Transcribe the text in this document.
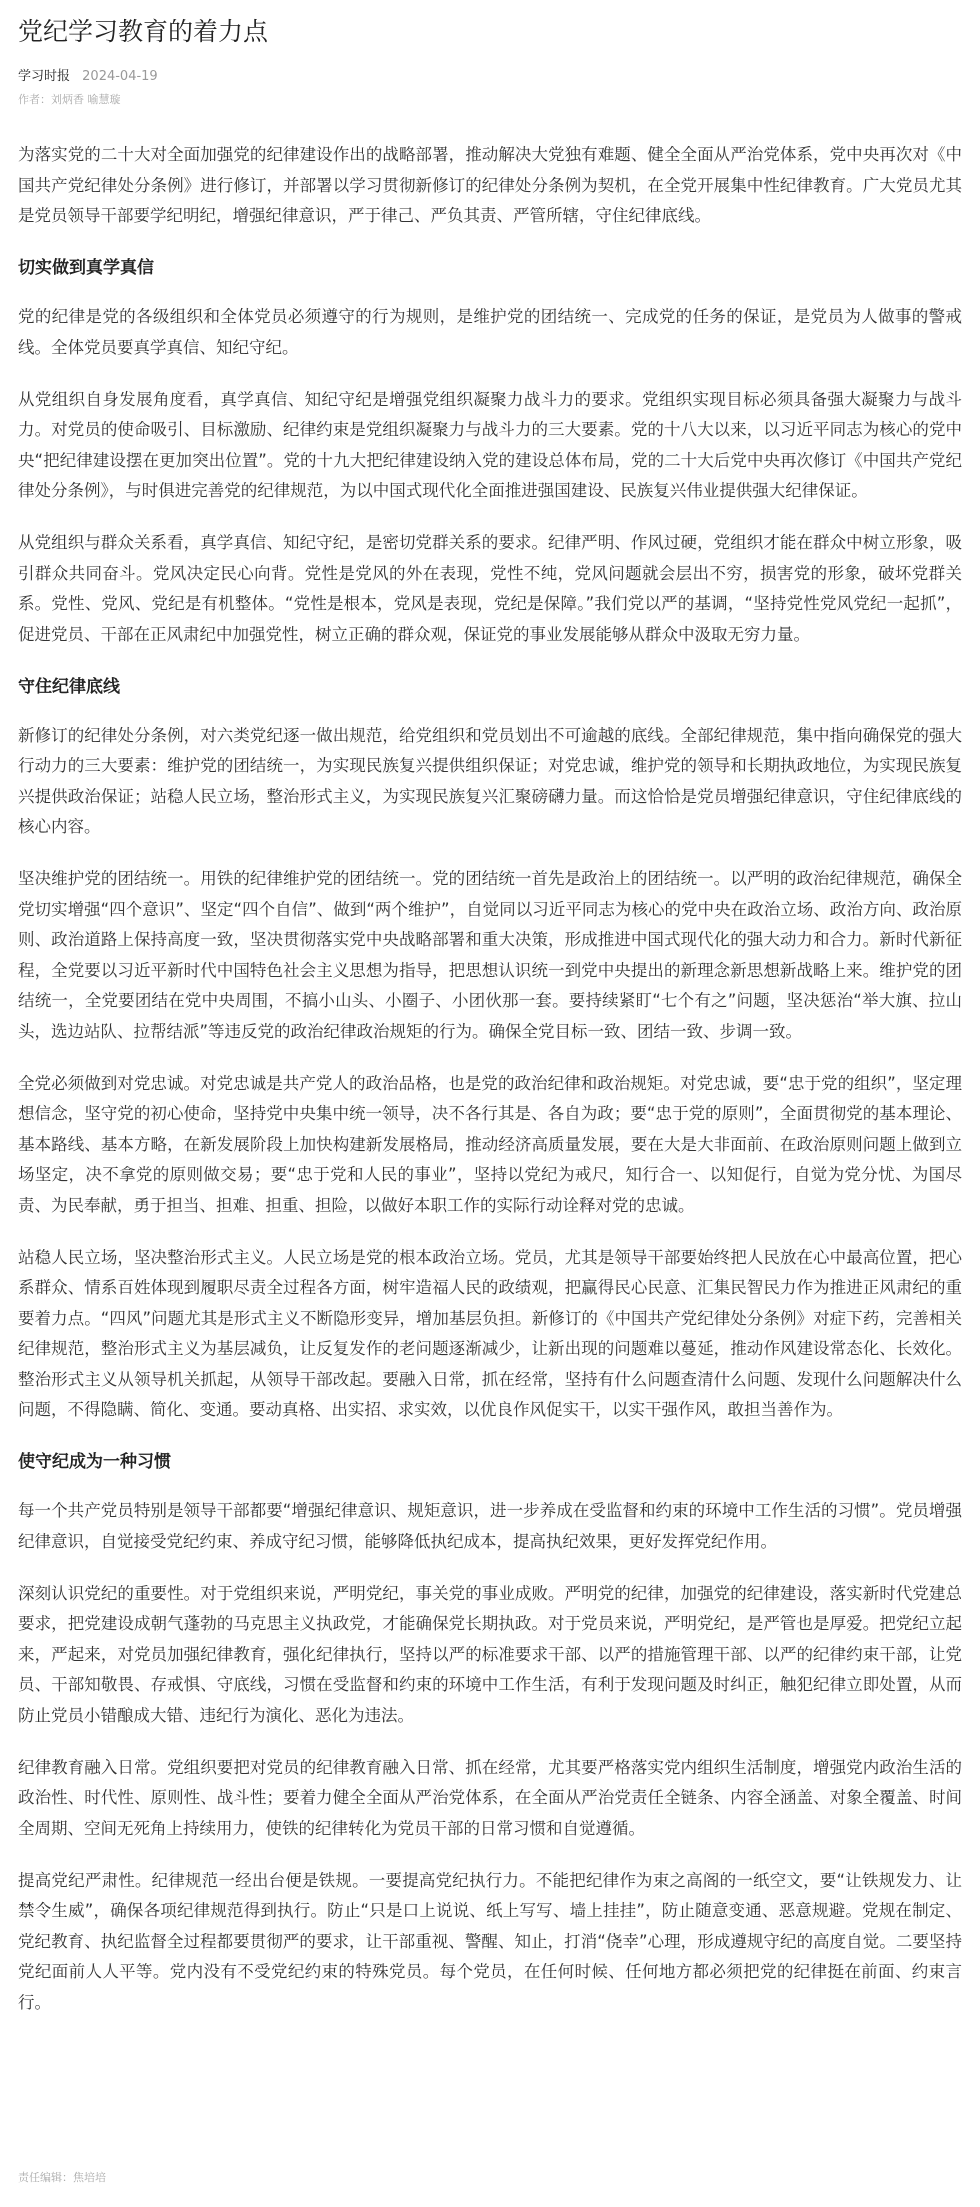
党纪学习教育的着力点
学习时报 2024-04-19
作者：刘炳香 喻慧璇

为落实党的二十大对全面加强党的纪律建设作出的战略部署，推动解决大党独有难题、健全全面从严治党体系，党中央再次对《中国共产党纪律处分条例》进行修订，并部署以学习贯彻新修订的纪律处分条例为契机，在全党开展集中性纪律教育。广大党员尤其是党员领导干部要学纪明纪，增强纪律意识，严于律己、严负其责、严管所辖，守住纪律底线。

切实做到真学真信

党的纪律是党的各级组织和全体党员必须遵守的行为规则，是维护党的团结统一、完成党的任务的保证，是党员为人做事的警戒线。全体党员要真学真信、知纪守纪。

从党组织自身发展角度看，真学真信、知纪守纪是增强党组织凝聚力战斗力的要求。党组织实现目标必须具备强大凝聚力与战斗力。对党员的使命吸引、目标激励、纪律约束是党组织凝聚力与战斗力的三大要素。党的十八大以来，以习近平同志为核心的党中央“把纪律建设摆在更加突出位置”。党的十九大把纪律建设纳入党的建设总体布局，党的二十大后党中央再次修订《中国共产党纪律处分条例》，与时俱进完善党的纪律规范，为以中国式现代化全面推进强国建设、民族复兴伟业提供强大纪律保证。

从党组织与群众关系看，真学真信、知纪守纪，是密切党群关系的要求。纪律严明、作风过硬，党组织才能在群众中树立形象，吸引群众共同奋斗。党风决定民心向背。党性是党风的外在表现，党性不纯，党风问题就会层出不穷，损害党的形象，破坏党群关系。党性、党风、党纪是有机整体。“党性是根本，党风是表现，党纪是保障。”我们党以严的基调，“坚持党性党风党纪一起抓”，促进党员、干部在正风肃纪中加强党性，树立正确的群众观，保证党的事业发展能够从群众中汲取无穷力量。

守住纪律底线

新修订的纪律处分条例，对六类党纪逐一做出规范，给党组织和党员划出不可逾越的底线。全部纪律规范，集中指向确保党的强大行动力的三大要素：维护党的团结统一，为实现民族复兴提供组织保证；对党忠诚，维护党的领导和长期执政地位，为实现民族复兴提供政治保证；站稳人民立场，整治形式主义，为实现民族复兴汇聚磅礴力量。而这恰恰是党员增强纪律意识，守住纪律底线的核心内容。

坚决维护党的团结统一。用铁的纪律维护党的团结统一。党的团结统一首先是政治上的团结统一。以严明的政治纪律规范，确保全党切实增强“四个意识”、坚定“四个自信”、做到“两个维护”，自觉同以习近平同志为核心的党中央在政治立场、政治方向、政治原则、政治道路上保持高度一致，坚决贯彻落实党中央战略部署和重大决策，形成推进中国式现代化的强大动力和合力。新时代新征程，全党要以习近平新时代中国特色社会主义思想为指导，把思想认识统一到党中央提出的新理念新思想新战略上来。维护党的团结统一，全党要团结在党中央周围，不搞小山头、小圈子、小团伙那一套。要持续紧盯“七个有之”问题，坚决惩治“举大旗、拉山头，选边站队、拉帮结派”等违反党的政治纪律政治规矩的行为。确保全党目标一致、团结一致、步调一致。

全党必须做到对党忠诚。对党忠诚是共产党人的政治品格，也是党的政治纪律和政治规矩。对党忠诚，要“忠于党的组织”，坚定理想信念，坚守党的初心使命，坚持党中央集中统一领导，决不各行其是、各自为政；要“忠于党的原则”，全面贯彻党的基本理论、基本路线、基本方略，在新发展阶段上加快构建新发展格局，推动经济高质量发展，要在大是大非面前、在政治原则问题上做到立场坚定，决不拿党的原则做交易；要“忠于党和人民的事业”，坚持以党纪为戒尺，知行合一、以知促行，自觉为党分忧、为国尽责、为民奉献，勇于担当、担难、担重、担险，以做好本职工作的实际行动诠释对党的忠诚。

站稳人民立场，坚决整治形式主义。人民立场是党的根本政治立场。党员，尤其是领导干部要始终把人民放在心中最高位置，把心系群众、情系百姓体现到履职尽责全过程各方面，树牢造福人民的政绩观，把赢得民心民意、汇集民智民力作为推进正风肃纪的重要着力点。“四风”问题尤其是形式主义不断隐形变异，增加基层负担。新修订的《中国共产党纪律处分条例》对症下药，完善相关纪律规范，整治形式主义为基层减负，让反复发作的老问题逐渐减少，让新出现的问题难以蔓延，推动作风建设常态化、长效化。整治形式主义从领导机关抓起，从领导干部改起。要融入日常，抓在经常，坚持有什么问题查清什么问题、发现什么问题解决什么问题，不得隐瞒、简化、变通。要动真格、出实招、求实效，以优良作风促实干，以实干强作风，敢担当善作为。

使守纪成为一种习惯

每一个共产党员特别是领导干部都要“增强纪律意识、规矩意识，进一步养成在受监督和约束的环境中工作生活的习惯”。党员增强纪律意识，自觉接受党纪约束、养成守纪习惯，能够降低执纪成本，提高执纪效果，更好发挥党纪作用。

深刻认识党纪的重要性。对于党组织来说，严明党纪，事关党的事业成败。严明党的纪律，加强党的纪律建设，落实新时代党建总要求，把党建设成朝气蓬勃的马克思主义执政党，才能确保党长期执政。对于党员来说，严明党纪，是严管也是厚爱。把党纪立起来，严起来，对党员加强纪律教育，强化纪律执行，坚持以严的标准要求干部、以严的措施管理干部、以严的纪律约束干部，让党员、干部知敬畏、存戒惧、守底线，习惯在受监督和约束的环境中工作生活，有利于发现问题及时纠正，触犯纪律立即处置，从而防止党员小错酿成大错、违纪行为演化、恶化为违法。

纪律教育融入日常。党组织要把对党员的纪律教育融入日常、抓在经常，尤其要严格落实党内组织生活制度，增强党内政治生活的政治性、时代性、原则性、战斗性；要着力健全全面从严治党体系，在全面从严治党责任全链条、内容全涵盖、对象全覆盖、时间全周期、空间无死角上持续用力，使铁的纪律转化为党员干部的日常习惯和自觉遵循。

提高党纪严肃性。纪律规范一经出台便是铁规。一要提高党纪执行力。不能把纪律作为束之高阁的一纸空文，要“让铁规发力、让禁令生威”，确保各项纪律规范得到执行。防止“只是口上说说、纸上写写、墙上挂挂”，防止随意变通、恶意规避。党规在制定、党纪教育、执纪监督全过程都要贯彻严的要求，让干部重视、警醒、知止，打消“侥幸”心理，形成遵规守纪的高度自觉。二要坚持党纪面前人人平等。党内没有不受党纪约束的特殊党员。每个党员，在任何时候、任何地方都必须把党的纪律挺在前面、约束言行。

责任编辑：焦培培
